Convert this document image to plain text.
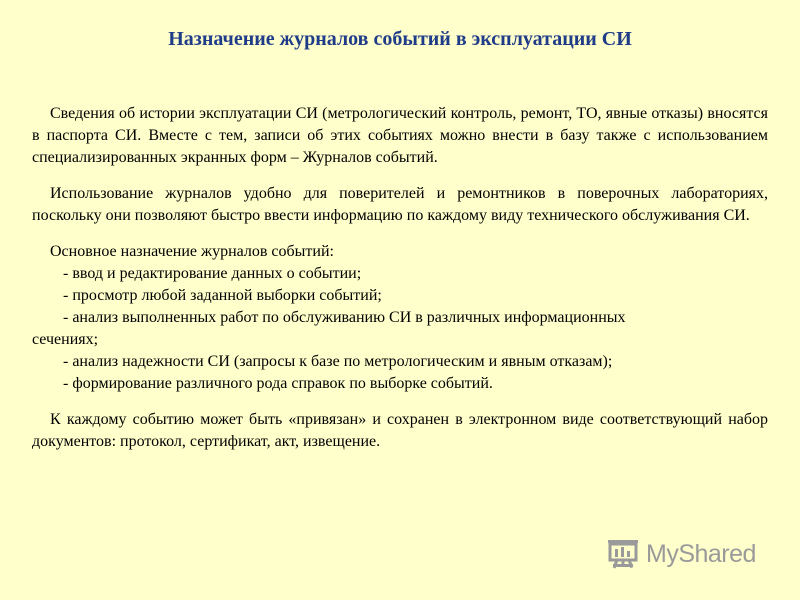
Назначение журналов событий в эксплуатации СИ

Сведения об истории эксплуатации СИ (метрологический контроль, ремонт, ТО, явные отказы) вносятся в паспорта СИ. Вместе с тем, записи об этих событиях можно внести в базу также с использованием специализированных экранных форм – Журналов событий.

Использование журналов удобно для поверителей и ремонтников в поверочных лабораториях, поскольку они позволяют быстро ввести информацию по каждому виду технического обслуживания СИ.

Основное назначение журналов событий:

- ввод и редактирование данных о событии;

- просмотр любой заданной выборки событий;

- анализ выполненных работ по обслуживанию СИ в различных информационных сечениях;

- анализ надежности СИ (запросы к базе по метрологическим и явным отказам);

- формирование различного рода справок по выборке событий.

К каждому событию может быть «привязан» и сохранен в электронном виде соответствующий набор документов: протокол, сертификат, акт, извещение.

MyShared
